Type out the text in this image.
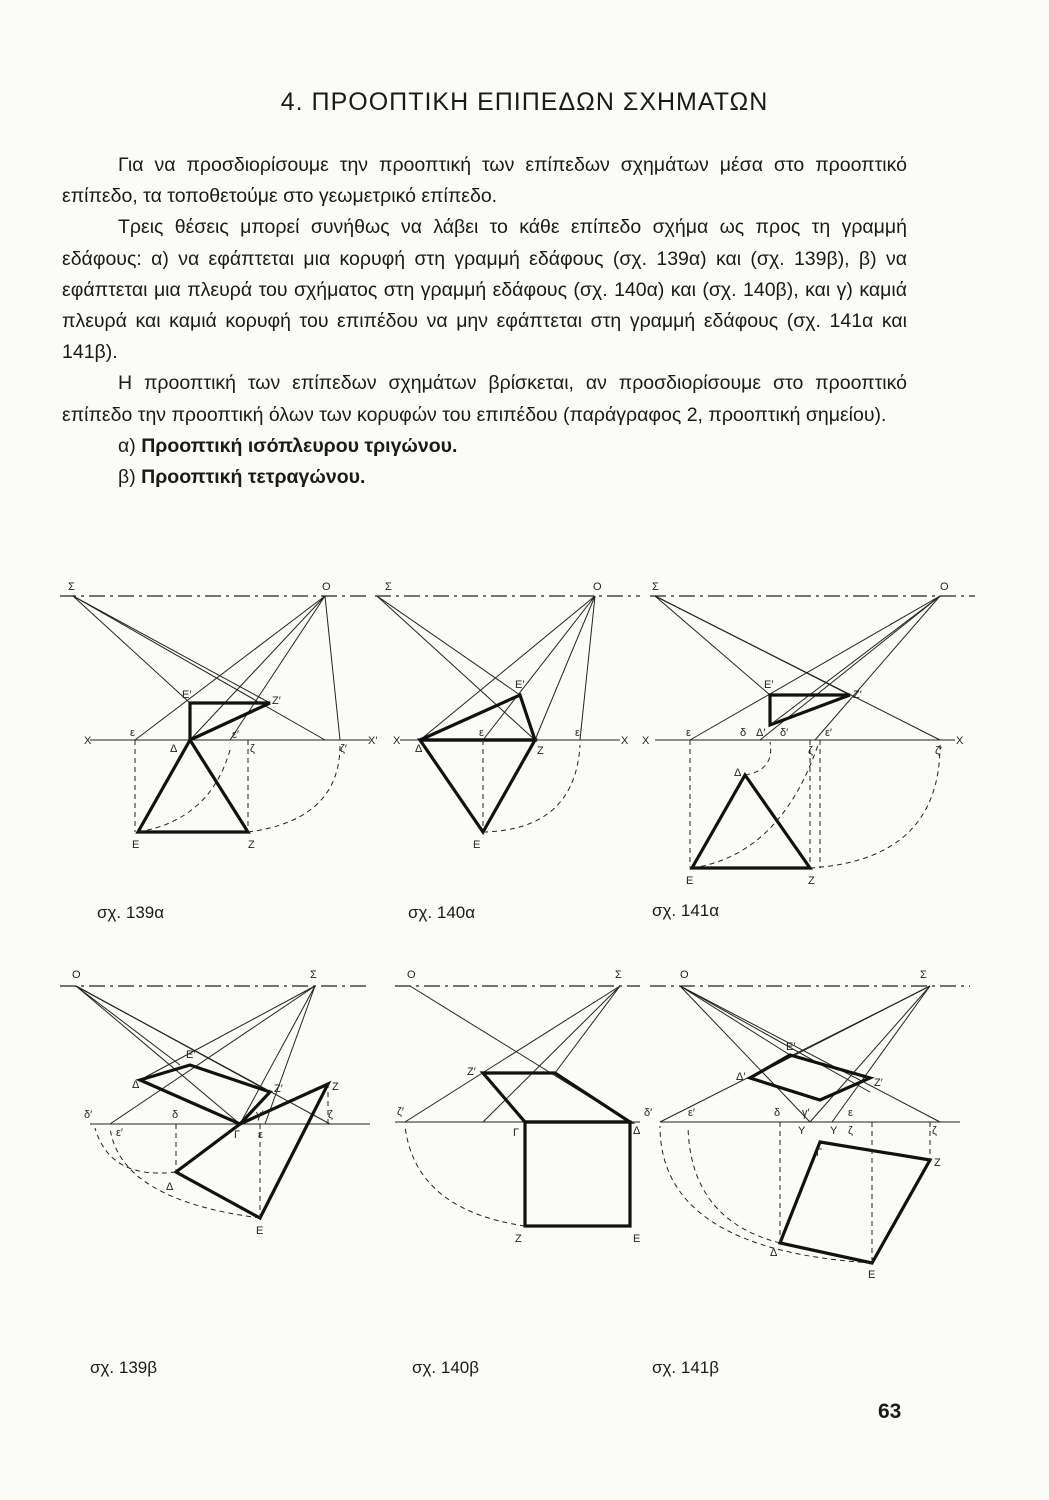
4. ΠΡΟΟΠΤΙΚΗ ΕΠΙΠΕΔΩΝ ΣΧΗΜΑΤΩΝ

Για να προσδιορίσουμε την προοπτική των επίπεδων σχημάτων μέσα στο προοπτικό επίπεδο, τα τοποθετούμε στο γεωμετρικό επίπεδο.

Τρεις θέσεις μπορεί συνήθως να λάβει το κάθε επίπεδο σχήμα ως προς τη γραμμή εδάφους: α) να εφάπτεται μια κορυφή στη γραμμή εδάφους (σχ. 139α) και (σχ. 139β), β) να εφάπτεται μια πλευρά του σχήματος στη γραμμή εδάφους (σχ. 140α) και (σχ. 140β), και γ) καμιά πλευρά και καμιά κορυφή του επιπέδου να μην εφάπτεται στη γραμμή εδάφους (σχ. 141α και 141β).

Η προοπτική των επίπεδων σχημάτων βρίσκεται, αν προσδιορίσουμε στο προοπτικό επίπεδο την προοπτική όλων των κορυφών του επιπέδου (παράγραφος 2, προοπτική σημείου).

α) Προοπτική ισόπλευρου τριγώνου.

β) Προοπτική τετραγώνου.

Σ	Ο
Χ	Χ′
Ε′	Ζ′
ε
Δ
ε′
ζ	ζ′
Ε	Ζ
σχ. 139α
Σ	Ο
Χ	Χ
Ε′
Δ
ε
Ζ
ε′
Ε
σχ. 140α
Σ	Ο
Χ	Χ
Ε′
Ζ′
ε	δ Δ′ δ′	ε′
ζ	ζ′
Δ
Ε	Ζ
σχ. 141α
Ο	Σ
Ε′
Δ	Ζ′
δ′
ε′
δ
Γ
γ′
ε
ζ
Δ
Ζ
Ε
σχ. 139β
Ο	Σ
Ζ′
ζ′
Γ	Δ
Ζ	Ε
σχ. 140β
Ο	Σ
Ε′
Δ′	Ζ′
δ′	ε′	δ γ′	ε
Υ Υ ζ	ζ
Γ
Ζ
Δ
Ε
σχ. 141β
63
